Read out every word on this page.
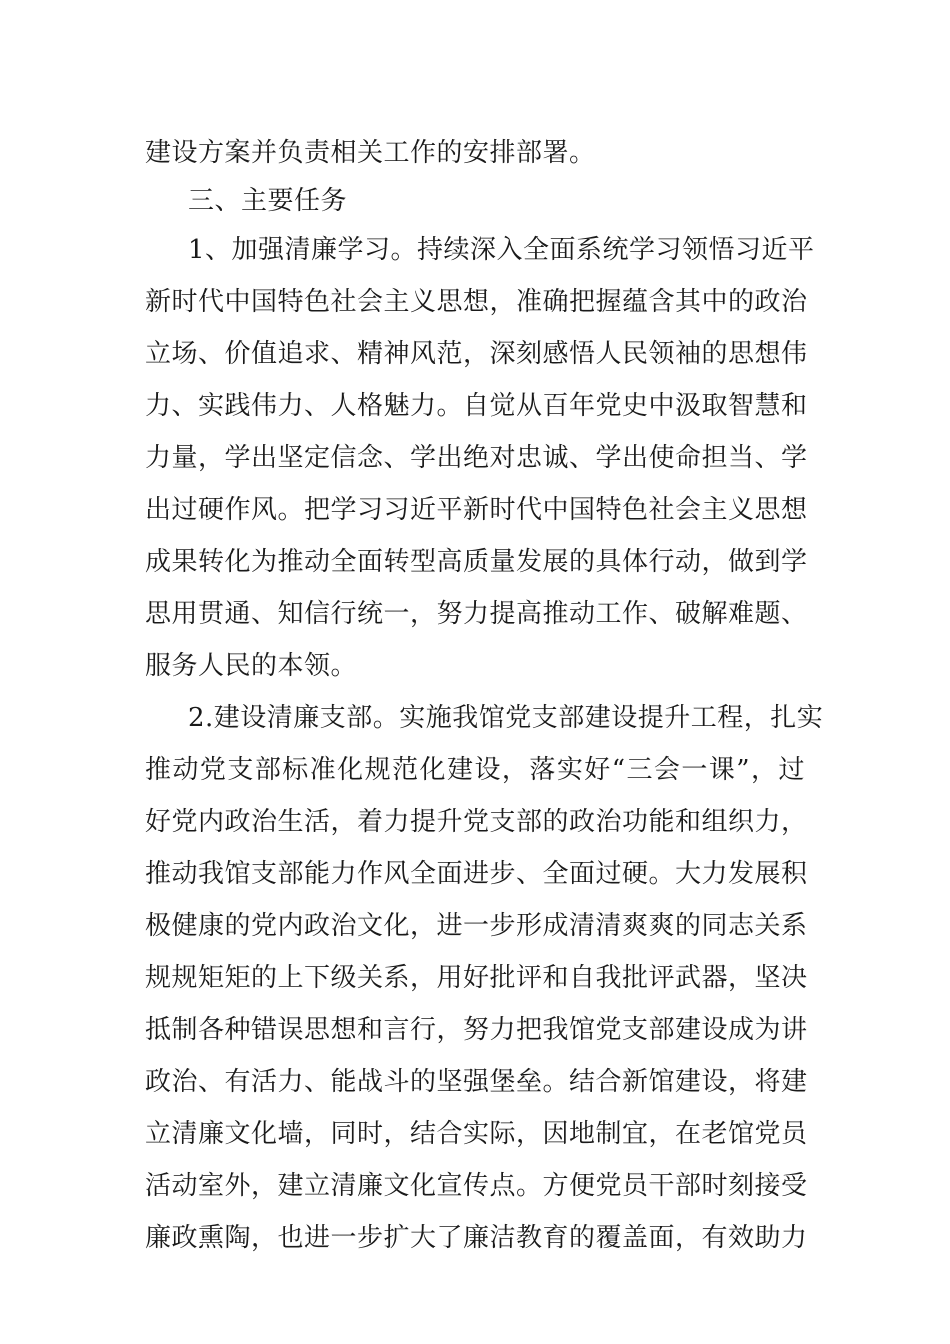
建设方案并负责相关工作的安排部署。
三、主要任务
1、加强清廉学习。持续深入全面系统学习领悟习近平
新时代中国特色社会主义思想，准确把握蕴含其中的政治
立场、价值追求、精神风范，深刻感悟人民领袖的思想伟
力、实践伟力、人格魅力。自觉从百年党史中汲取智慧和
力量，学出坚定信念、学出绝对忠诚、学出使命担当、学
出过硬作风。把学习习近平新时代中国特色社会主义思想
成果转化为推动全面转型高质量发展的具体行动，做到学
思用贯通、知信行统一，努力提高推动工作、破解难题、
服务人民的本领。
2.建设清廉支部。实施我馆党支部建设提升工程，扎实
推动党支部标准化规范化建设，落实好“三会一课”，过
好党内政治生活，着力提升党支部的政治功能和组织力，
推动我馆支部能力作风全面进步、全面过硬。大力发展积
极健康的党内政治文化，进一步形成清清爽爽的同志关系
规规矩矩的上下级关系，用好批评和自我批评武器，坚决
抵制各种错误思想和言行，努力把我馆党支部建设成为讲
政治、有活力、能战斗的坚强堡垒。结合新馆建设，将建
立清廉文化墙，同时，结合实际，因地制宜，在老馆党员
活动室外，建立清廉文化宣传点。方便党员干部时刻接受
廉政熏陶，也进一步扩大了廉洁教育的覆盖面，有效助力
